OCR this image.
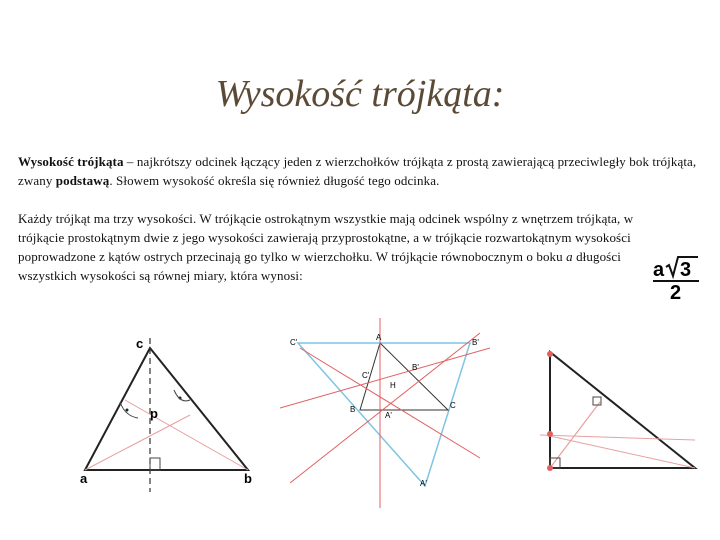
Wysokość trójkąta:
Wysokość trójkąta – najkrótszy odcinek łączący jeden z wierzchołków trójkąta z prostą zawierającą przeciwległy bok trójkąta, zwany podstawą. Słowem wysokość określa się również długość tego odcinka.
Każdy trójkąt ma trzy wysokości. W trójkącie ostrokątnym wszystkie mają odcinek wspólny z wnętrzem trójkąta, w trójkącie prostokątnym dwie z jego wysokości zawierają przyprostokątne, a w trójkącie rozwartokątnym wysokości poprowadzone z kątów ostrych przecinają go tylko w wierzchołku. W trójkącie równobocznym o boku a długości wszystkich wysokości są równej miary, która wynosi:	a 3
2
c
p
a	b
C'
A
B'
B'
C'
H
B	C
A'
A'
